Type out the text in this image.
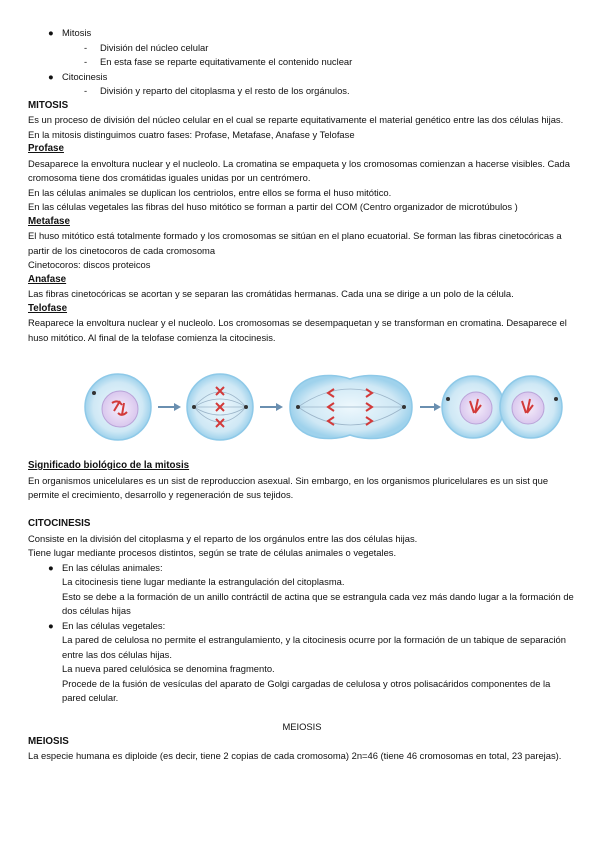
● Mitosis
- División del núcleo celular
- En esta fase se reparte equitativamente el contenido nuclear
● Citocinesis
- División y reparto del citoplasma y el resto de los orgánulos.
MITOSIS

Es un proceso de división del núcleo celular en el cual se reparte equitativamente el material genético entre las dos células hijas. En la mitosis distinguimos cuatro fases: Profase, Metafase, Anafase y Telofase

Profase

Desaparece la envoltura nuclear y el nucleolo. La cromatina se empaqueta y los cromosomas comienzan a hacerse visibles. Cada cromosoma tiene dos cromátidas iguales unidas por un centrómero.

En las células animales se duplican los centriolos, entre ellos se forma el huso mitótico.

En las células vegetales las fibras del huso mitótico se forman a partir del COM (Centro organizador de microtúbulos )

Metafase

El huso mitótico está totalmente formado y los cromosomas se sitúan en el plano ecuatorial. Se forman las fibras cinetocóricas a partir de los cinetocoros de cada cromosoma

Cinetocoros: discos proteicos

Anafase

Las fibras cinetocóricas se acortan y se separan las cromátidas hermanas. Cada una se dirige a un polo de la célula.

Telofase

Reaparece la envoltura nuclear y el nucleolo. Los cromosomas se desempaquetan y se transforman en cromatina. Desaparece el huso mitótico. Al final de la telofase comienza la citocinesis.

Significado biológico de la mitosis

En organismos unicelulares es un sist de reproduccion asexual. Sin embargo, en los organismos pluricelulares es un sist que permite el crecimiento, desarrollo y regeneración de sus tejidos.

CITOCINESIS

Consiste en la división del citoplasma y el reparto de los orgánulos entre las dos células hijas.

Tiene lugar mediante procesos distintos, según se trate de células animales o vegetales.

● En las células animales:

La citocinesis tiene lugar mediante la estrangulación del citoplasma.

Esto se debe a la formación de un anillo contráctil de actina que se estrangula cada vez más dando lugar a la formación de dos células hijas

● En las células vegetales:

La pared de celulosa no permite el estrangulamiento, y la citocinesis ocurre por la formación de un tabique de separación entre las dos células hijas.

La nueva pared celulósica se denomina fragmento.

Procede de la fusión de vesículas del aparato de Golgi cargadas de celulosa y otros polisacáridos componentes de la pared celular.

MEIOSIS

MEIOSIS

La especie humana es diploide (es decir, tiene 2 copias de cada cromosoma) 2n=46 (tiene 46 cromosomas en total, 23 parejas).
